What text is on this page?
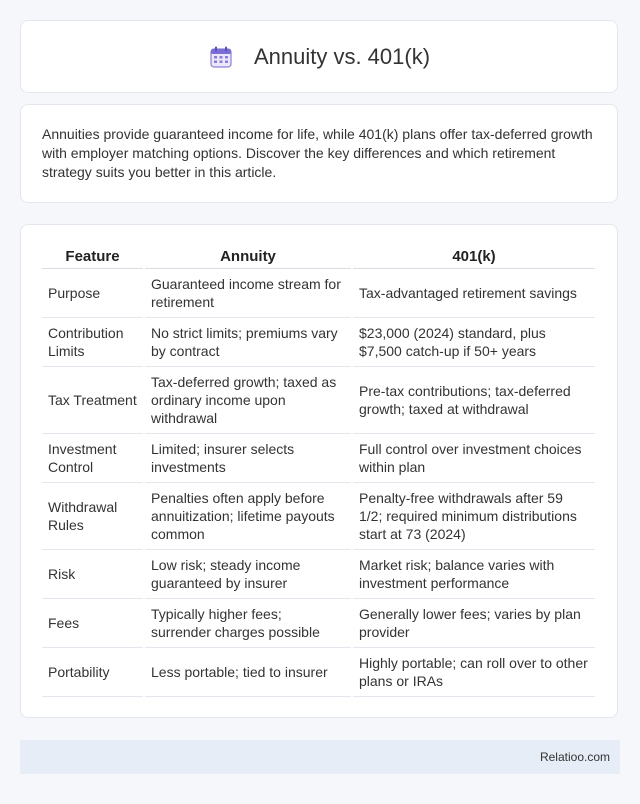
Annuity vs. 401(k)

Annuities provide guaranteed income for life, while 401(k) plans offer tax-deferred growth with employer matching options. Discover the key differences and which retirement strategy suits you better in this article.

Feature	Annuity	401(k)
Purpose	Guaranteed income stream for retirement	Tax-advantaged retirement savings
Contribution Limits	No strict limits; premiums vary by contract	$23,000 (2024) standard, plus $7,500 catch-up if 50+ years
Tax Treatment	Tax-deferred growth; taxed as ordinary income upon withdrawal	Pre-tax contributions; tax-deferred growth; taxed at withdrawal
Investment Control	Limited; insurer selects investments	Full control over investment choices within plan
Withdrawal Rules	Penalties often apply before annuitization; lifetime payouts common	Penalty-free withdrawals after 59 1/2; required minimum distributions start at 73 (2024)
Risk	Low risk; steady income guaranteed by insurer	Market risk; balance varies with investment performance
Fees	Typically higher fees; surrender charges possible	Generally lower fees; varies by plan provider
Portability	Less portable; tied to insurer	Highly portable; can roll over to other plans or IRAs
Relatioo.com
